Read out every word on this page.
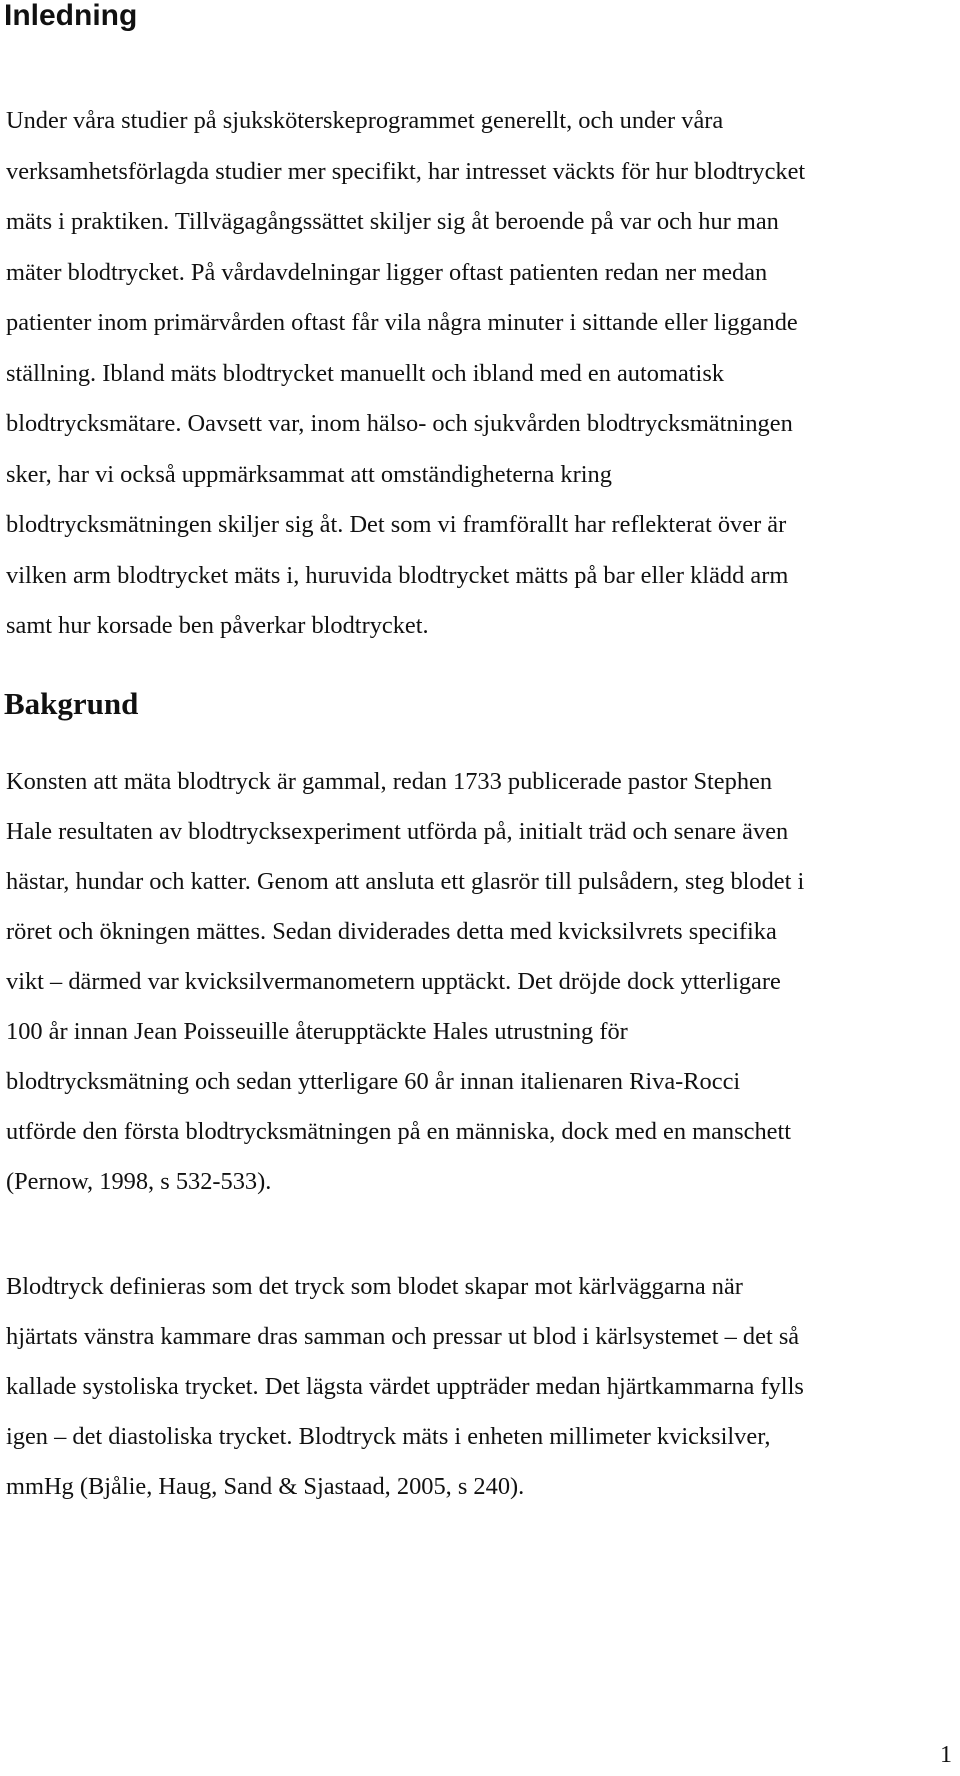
Inledning
Under våra studier på sjuksköterskeprogrammet generellt, och under våra
verksamhetsförlagda studier mer specifikt, har intresset väckts för hur blodtrycket
mäts i praktiken. Tillvägagångssättet skiljer sig åt beroende på var och hur man
mäter blodtrycket. På vårdavdelningar ligger oftast patienten redan ner medan
patienter inom primärvården oftast får vila några minuter i sittande eller liggande
ställning. Ibland mäts blodtrycket manuellt och ibland med en automatisk
blodtrycksmätare. Oavsett var, inom hälso- och sjukvården blodtrycksmätningen
sker, har vi också uppmärksammat att omständigheterna kring
blodtrycksmätningen skiljer sig åt. Det som vi framförallt har reflekterat över är
vilken arm blodtrycket mäts i, huruvida blodtrycket mätts på bar eller klädd arm
samt hur korsade ben påverkar blodtrycket.
Bakgrund
Konsten att mäta blodtryck är gammal, redan 1733 publicerade pastor Stephen
Hale resultaten av blodtrycksexperiment utförda på, initialt träd och senare även
hästar, hundar och katter. Genom att ansluta ett glasrör till pulsådern, steg blodet i
röret och ökningen mättes. Sedan dividerades detta med kvicksilvrets specifika
vikt – därmed var kvicksilvermanometern upptäckt. Det dröjde dock ytterligare
100 år innan Jean Poisseuille återupptäckte Hales utrustning för
blodtrycksmätning och sedan ytterligare 60 år innan italienaren Riva-Rocci
utförde den första blodtrycksmätningen på en människa, dock med en manschett
(Pernow, 1998, s 532-533).
Blodtryck definieras som det tryck som blodet skapar mot kärlväggarna när
hjärtats vänstra kammare dras samman och pressar ut blod i kärlsystemet – det så
kallade systoliska trycket. Det lägsta värdet uppträder medan hjärtkammarna fylls
igen – det diastoliska trycket. Blodtryck mäts i enheten millimeter kvicksilver,
mmHg (Bjålie, Haug, Sand & Sjastaad, 2005, s 240).
1
